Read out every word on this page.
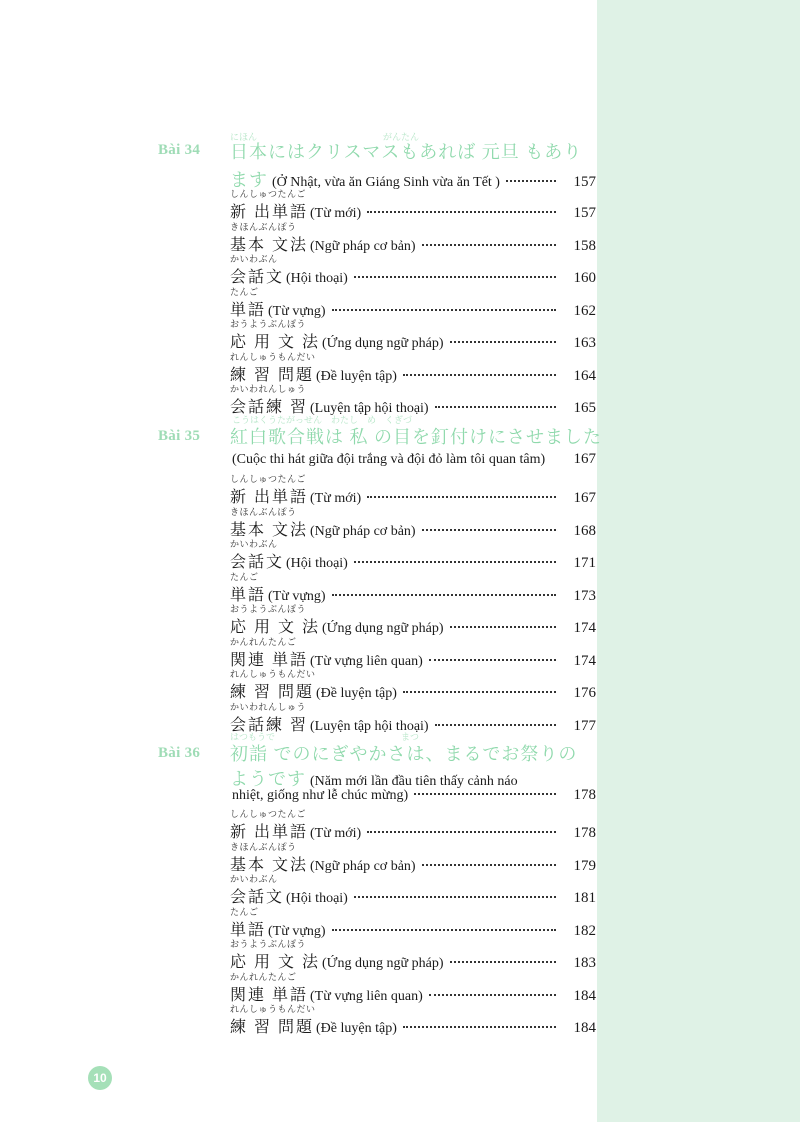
Bài 34
にほん　　　　　　　　　　　　　　がんたん
日本にはクリスマスもあれば 元旦 もあり
ます (Ở Nhật, vừa ăn Giáng Sinh vừa ăn Tết )	157
しんしゅつたんご
新 出単語 (Từ mới)	157
きほんぶんぽう
基本 文法 (Ngữ pháp cơ bản)	158
かいわぶん
会話文 (Hội thoại)	160
たんご
単語 (Từ vựng)	162
おうようぶんぽう
応 用 文 法 (Ứng dụng ngữ pháp)	163
れんしゅうもんだい
練 習 問題 (Đề luyện tập)	164
かいわれんしゅう
会話練 習 (Luyện tập hội thoại)	165
Bài 35
こうはくうたがっせん　わたし　め　くぎづ
紅白歌合戦は 私 の目を釘付けにさせました
(Cuộc thi hát giữa đội trắng và đội đỏ làm tôi quan tâm)	167
しんしゅつたんご
新 出単語 (Từ mới)	167
きほんぶんぽう
基本 文法 (Ngữ pháp cơ bản)	168
かいわぶん
会話文 (Hội thoại)	171
たんご
単語 (Từ vựng)	173
おうようぶんぽう
応 用 文 法 (Ứng dụng ngữ pháp)	174
かんれんたんご
関連 単語 (Từ vựng liên quan)	174
れんしゅうもんだい
練 習 問題 (Đề luyện tập)	176
かいわれんしゅう
会話練 習 (Luyện tập hội thoại)	177
Bài 36
はつもうで　　　　　　　　　　　　　　まつ
初詣 でのにぎやかさは、まるでお祭りの
ようです (Năm mới lần đầu tiên thấy cảnh náo
nhiệt, giống như lễ chúc mừng)	178
しんしゅつたんご
新 出単語 (Từ mới)	178
きほんぶんぽう
基本 文法 (Ngữ pháp cơ bản)	179
かいわぶん
会話文 (Hội thoại)	181
たんご
単語 (Từ vựng)	182
おうようぶんぽう
応 用 文 法 (Ứng dụng ngữ pháp)	183
かんれんたんご
関連 単語 (Từ vựng liên quan)	184
れんしゅうもんだい
練 習 問題 (Đề luyện tập)	184
10
